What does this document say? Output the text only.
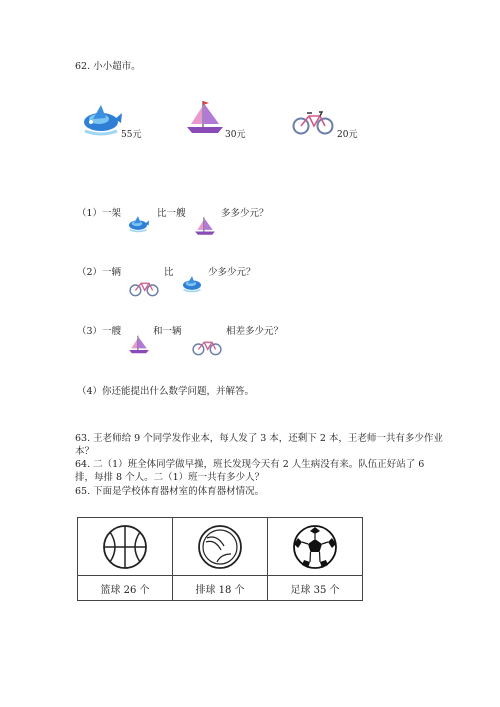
62. 小小超市。
55元	30元	20元
（1）一架	比一艘	多多少元？
（2）一辆	比	少多少元？
（3）一艘	和一辆	相差多少元？
（4）你还能提出什么数学问题，并解答。
63. 王老师给 9 个同学发作业本，每人发了 3 本，还剩下 2 本，王老师一共有多少作业本？
64. 二（1）班全体同学做早操，班长发现今天有 2 人生病没有来。队伍正好站了 6 排，每排 8 个人。二（1）班一共有多少人？
65. 下面是学校体育器材室的体育器材情况。

篮球 26 个	排球 18 个	足球 35 个
